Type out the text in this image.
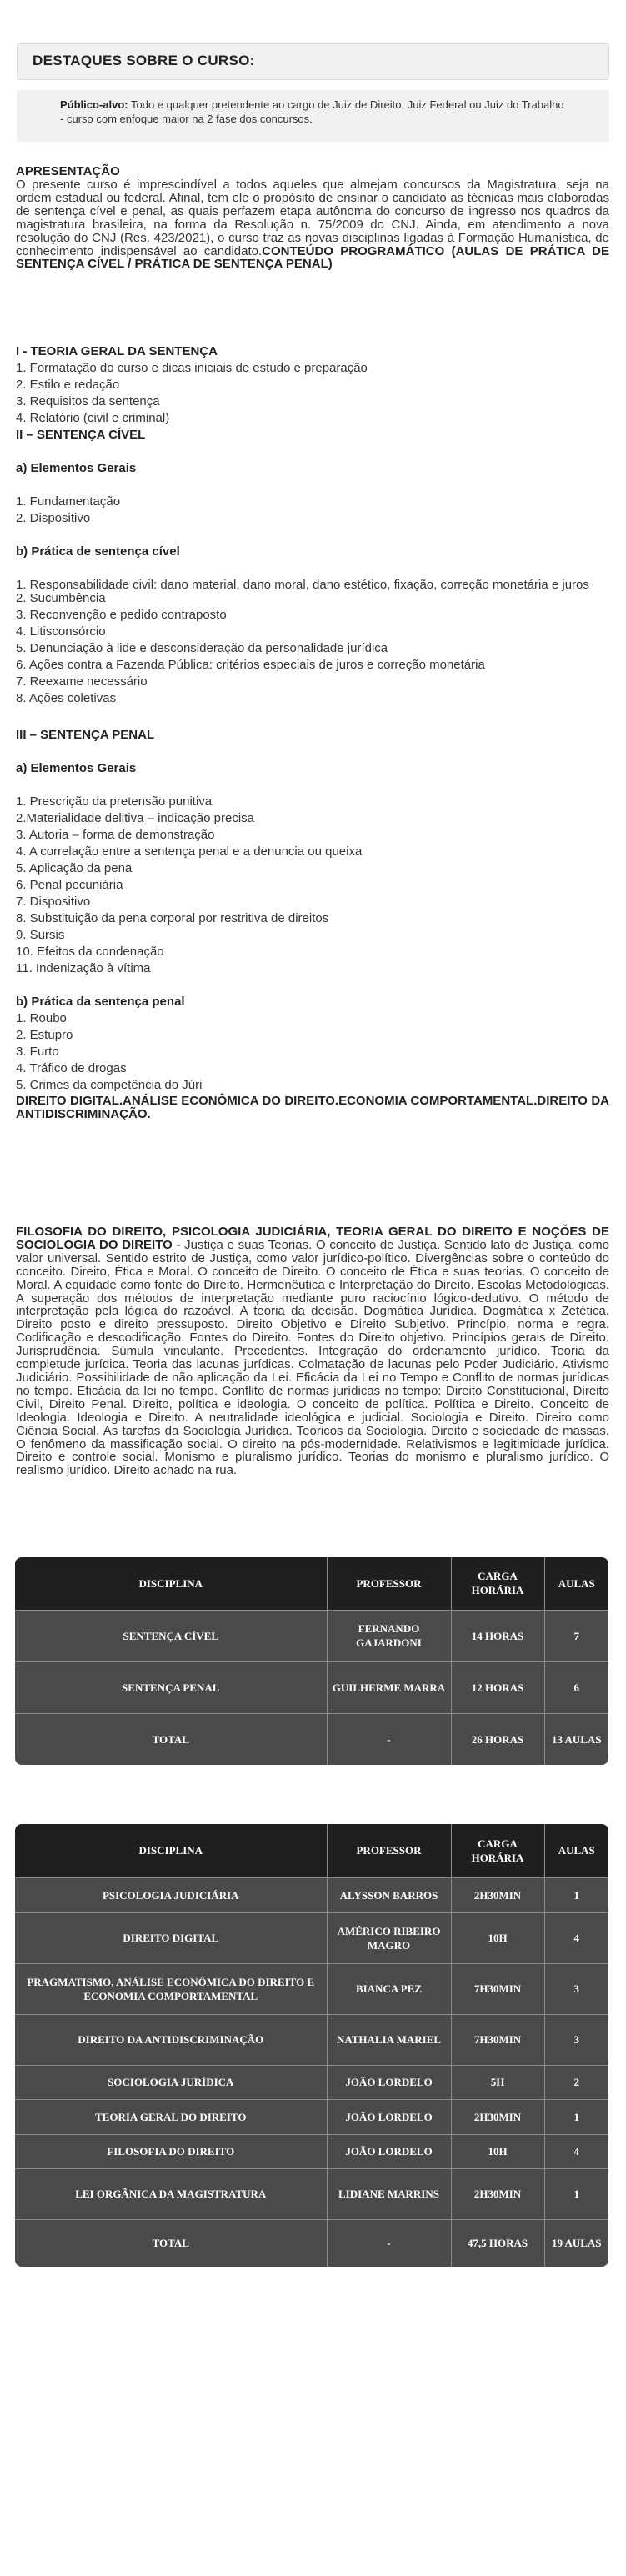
DESTAQUES SOBRE O CURSO:
Público-alvo: Todo e qualquer pretendente ao cargo de Juiz de Direito, Juiz Federal ou Juiz do Trabalho - curso com enfoque maior na 2 fase dos concursos.
APRESENTAÇÃO
O presente curso é imprescindível a todos aqueles que almejam concursos da Magistratura, seja na ordem estadual ou federal. Afinal, tem ele o propósito de ensinar o candidato as técnicas mais elaboradas de sentença cível e penal, as quais perfazem etapa autônoma do concurso de ingresso nos quadros da magistratura brasileira, na forma da Resolução n. 75/2009 do CNJ. Ainda, em atendimento a nova resolução do CNJ (Res. 423/2021), o curso traz as novas disciplinas ligadas à Formação Humanística, de conhecimento indispensável ao candidato.CONTEÚDO PROGRAMÁTICO (AULAS DE PRÁTICA DE SENTENÇA CÍVEL / PRÁTICA DE SENTENÇA PENAL)
I - TEORIA GERAL DA SENTENÇA
1. Formatação do curso e dicas iniciais de estudo e preparação
2. Estilo e redação
3. Requisitos da sentença
4. Relatório (civil e criminal)
II – SENTENÇA CÍVEL
a) Elementos Gerais
1. Fundamentação
2. Dispositivo
b) Prática de sentença cível
1. Responsabilidade civil: dano material, dano moral, dano estético, fixação, correção monetária e juros
2. Sucumbência
3. Reconvenção e pedido contraposto
4. Litisconsórcio
5. Denunciação à lide e desconsideração da personalidade jurídica
6. Ações contra a Fazenda Pública: critérios especiais de juros e correção monetária
7. Reexame necessário
8. Ações coletivas
III – SENTENÇA PENAL
a) Elementos Gerais
1. Prescrição da pretensão punitiva
2.Materialidade delitiva – indicação precisa
3. Autoria – forma de demonstração
4. A correlação entre a sentença penal e a denuncia ou queixa
5. Aplicação da pena
6. Penal pecuniária
7. Dispositivo
8. Substituição da pena corporal por restritiva de direitos
9. Sursis
10. Efeitos da condenação
11. Indenização à vítima
b) Prática da sentença penal
1. Roubo
2. Estupro
3. Furto
4. Tráfico de drogas
5. Crimes da competência do Júri
DIREITO DIGITAL.ANÁLISE ECONÔMICA DO DIREITO.ECONOMIA COMPORTAMENTAL.DIREITO DA ANTIDISCRIMINAÇÃO.
FILOSOFIA DO DIREITO, PSICOLOGIA JUDICIÁRIA, TEORIA GERAL DO DIREITO E NOÇÕES DE SOCIOLOGIA DO DIREITO - Justiça e suas Teorias. O conceito de Justiça. Sentido lato de Justiça, como valor universal. Sentido estrito de Justiça, como valor jurídico-político. Divergências sobre o conteúdo do conceito. Direito, Ética e Moral. O conceito de Direito. O conceito de Ética e suas teorias. O conceito de Moral. A equidade como fonte do Direito. Hermenêutica e Interpretação do Direito. Escolas Metodológicas. A superação dos métodos de interpretação mediante puro raciocínio lógico-dedutivo. O método de interpretação pela lógica do razoável. A teoria da decisão. Dogmática Jurídica. Dogmática x Zetética. Direito posto e direito pressuposto. Direito Objetivo e Direito Subjetivo. Princípio, norma e regra. Codificação e descodificação. Fontes do Direito. Fontes do Direito objetivo. Princípios gerais de Direito. Jurisprudência. Súmula vinculante. Precedentes. Integração do ordenamento jurídico. Teoria da completude jurídica. Teoria das lacunas jurídicas. Colmatação de lacunas pelo Poder Judiciário. Ativismo Judiciário. Possibilidade de não aplicação da Lei. Eficácia da Lei no Tempo e Conflito de normas jurídicas no tempo. Eficácia da lei no tempo. Conflito de normas jurídicas no tempo: Direito Constitucional, Direito Civil, Direito Penal. Direito, política e ideologia. O conceito de política. Política e Direito. Conceito de Ideologia. Ideologia e Direito. A neutralidade ideológica e judicial. Sociologia e Direito. Direito como Ciência Social. As tarefas da Sociologia Jurídica. Teóricos da Sociologia. Direito e sociedade de massas. O fenômeno da massificação social. O direito na pós-modernidade. Relativismos e legitimidade jurídica. Direito e controle social. Monismo e pluralismo jurídico. Teorias do monismo e pluralismo jurídico. O realismo jurídico. Direito achado na rua.
DISCIPLINA	PROFESSOR	CARGA HORÁRIA	AULAS
SENTENÇA CÍVEL	FERNANDO GAJARDONI	14 HORAS	7
SENTENÇA PENAL	GUILHERME MARRA	12 HORAS	6
TOTAL	-	26 HORAS	13 AULAS
DISCIPLINA	PROFESSOR	CARGA HORÁRIA	AULAS
PSICOLOGIA JUDICIÁRIA	ALYSSON BARROS	2H30MIN	1
DIREITO DIGITAL	AMÉRICO RIBEIRO MAGRO	10H	4
PRAGMATISMO, ANÁLISE ECONÔMICA DO DIREITO E ECONOMIA COMPORTAMENTAL	BIANCA PEZ	7H30MIN	3
DIREITO DA ANTIDISCRIMINAÇÃO	NATHALIA MARIEL	7H30MIN	3
SOCIOLOGIA JURÍDICA	JOÃO LORDELO	5H	2
TEORIA GERAL DO DIREITO	JOÃO LORDELO	2H30MIN	1
FILOSOFIA DO DIREITO	JOÃO LORDELO	10H	4
LEI ORGÂNICA DA MAGISTRATURA	LIDIANE MARRINS	2H30MIN	1
TOTAL	-	47,5 HORAS	19 AULAS
